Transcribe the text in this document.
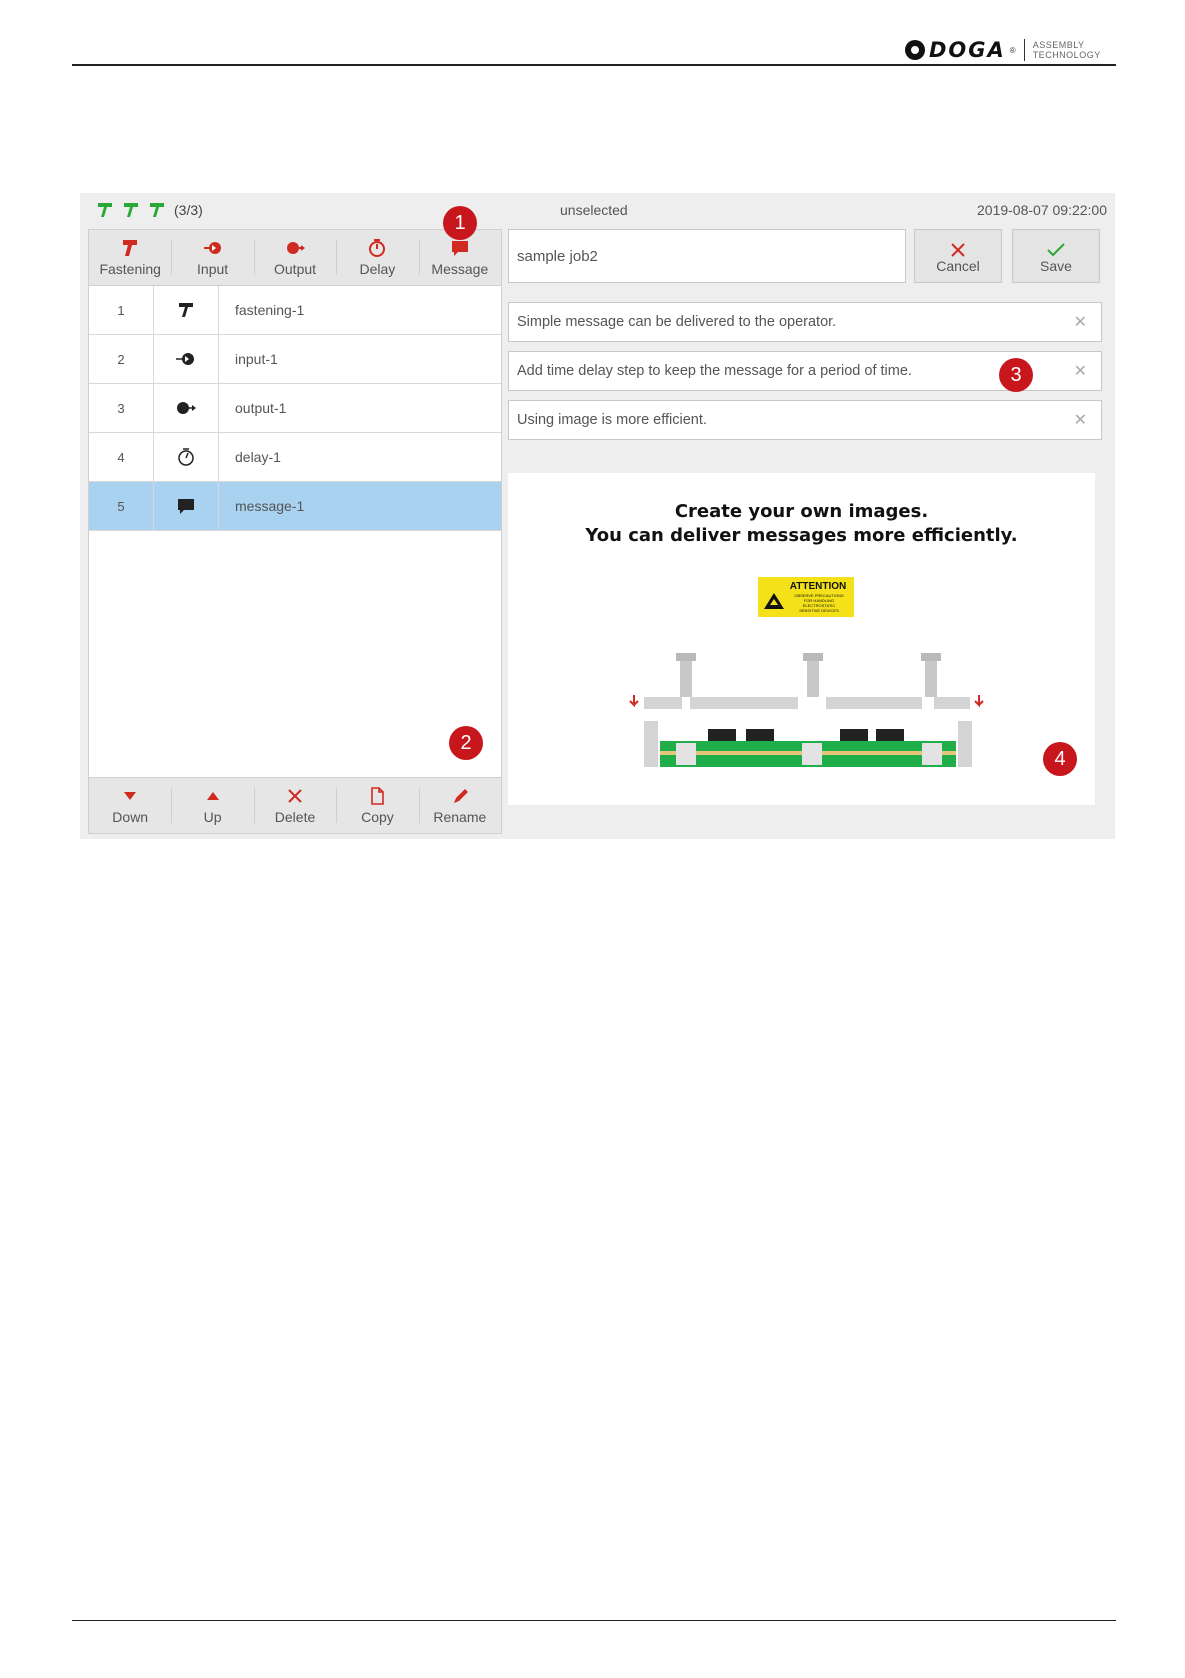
DOGA ® ASSEMBLY
TECHNOLOGY
(3/3)	unselected	2019-08-07 09:22:00
Fastening	Input	Output	Delay	Message
1	fastening-1
2	input-1
3	output-1
4	delay-1
5	message-1
Down	Up	Delete	Copy	Rename
sample job2
Cancel	Save
Simple message can be delivered to the operator.	✕
Add time delay step to keep the message for a period of time.	✕
Using image is more efficient.	✕
Create your own images.
You can deliver messages more efficiently.
ATTENTION
OBSERVE PRECAUTIONS
FOR HANDLING
ELECTROSTATIC
SENSITIVE DEVICES
1
2
3
4
